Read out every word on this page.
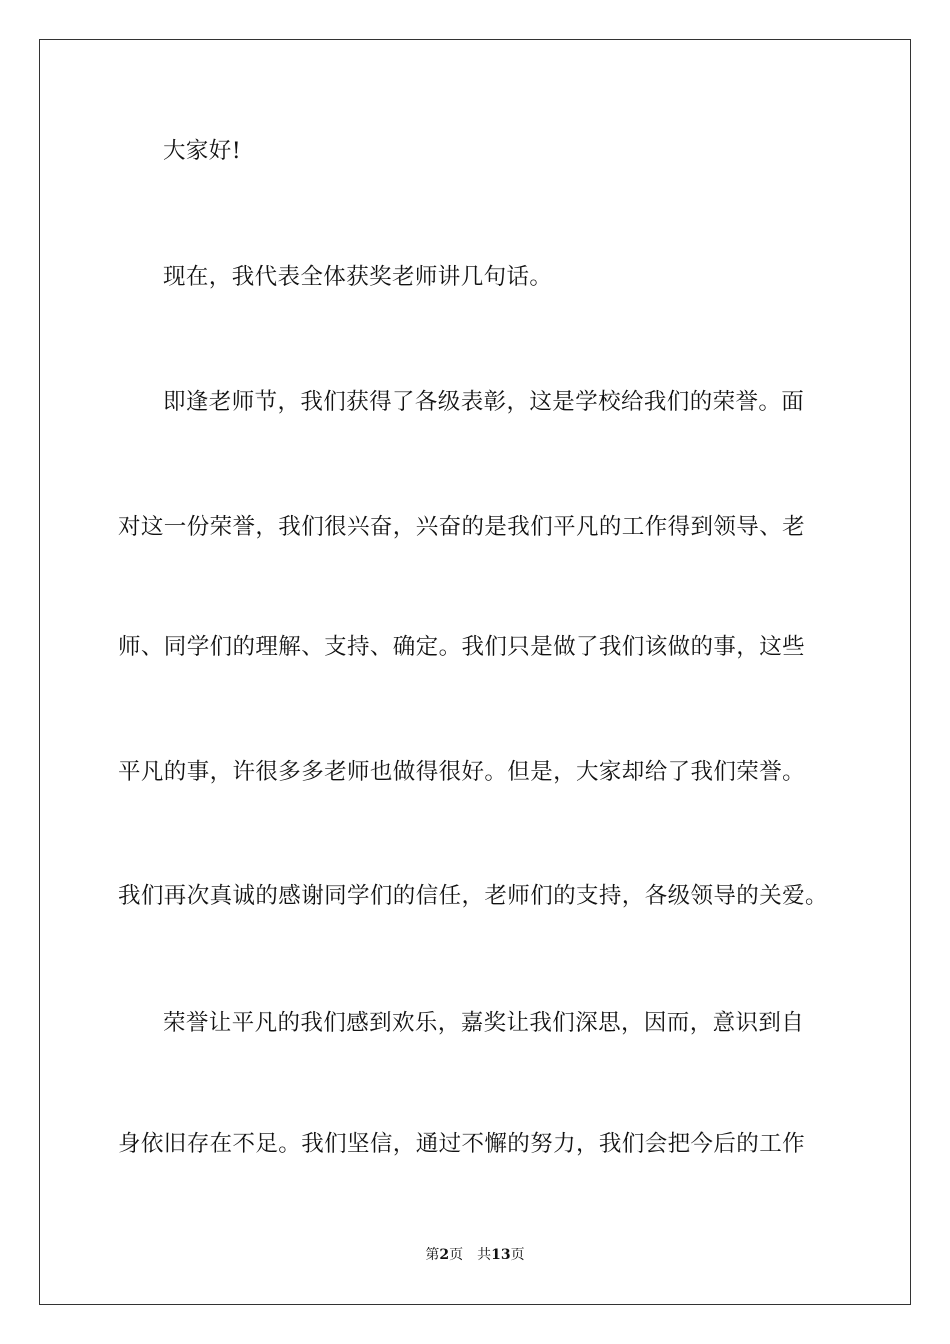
大家好!
现在，我代表全体获奖老师讲几句话。
即逢老师节，我们获得了各级表彰，这是学校给我们的荣誉。面
对这一份荣誉，我们很兴奋，兴奋的是我们平凡的工作得到领导、老
师、同学们的理解、支持、确定。我们只是做了我们该做的事，这些
平凡的事，许很多多老师也做得很好。但是，大家却给了我们荣誉。
我们再次真诚的感谢同学们的信任，老师们的支持，各级领导的关爱。
荣誉让平凡的我们感到欢乐，嘉奖让我们深思，因而，意识到自
身依旧存在不足。我们坚信，通过不懈的努力，我们会把今后的工作
第2页 共13页
